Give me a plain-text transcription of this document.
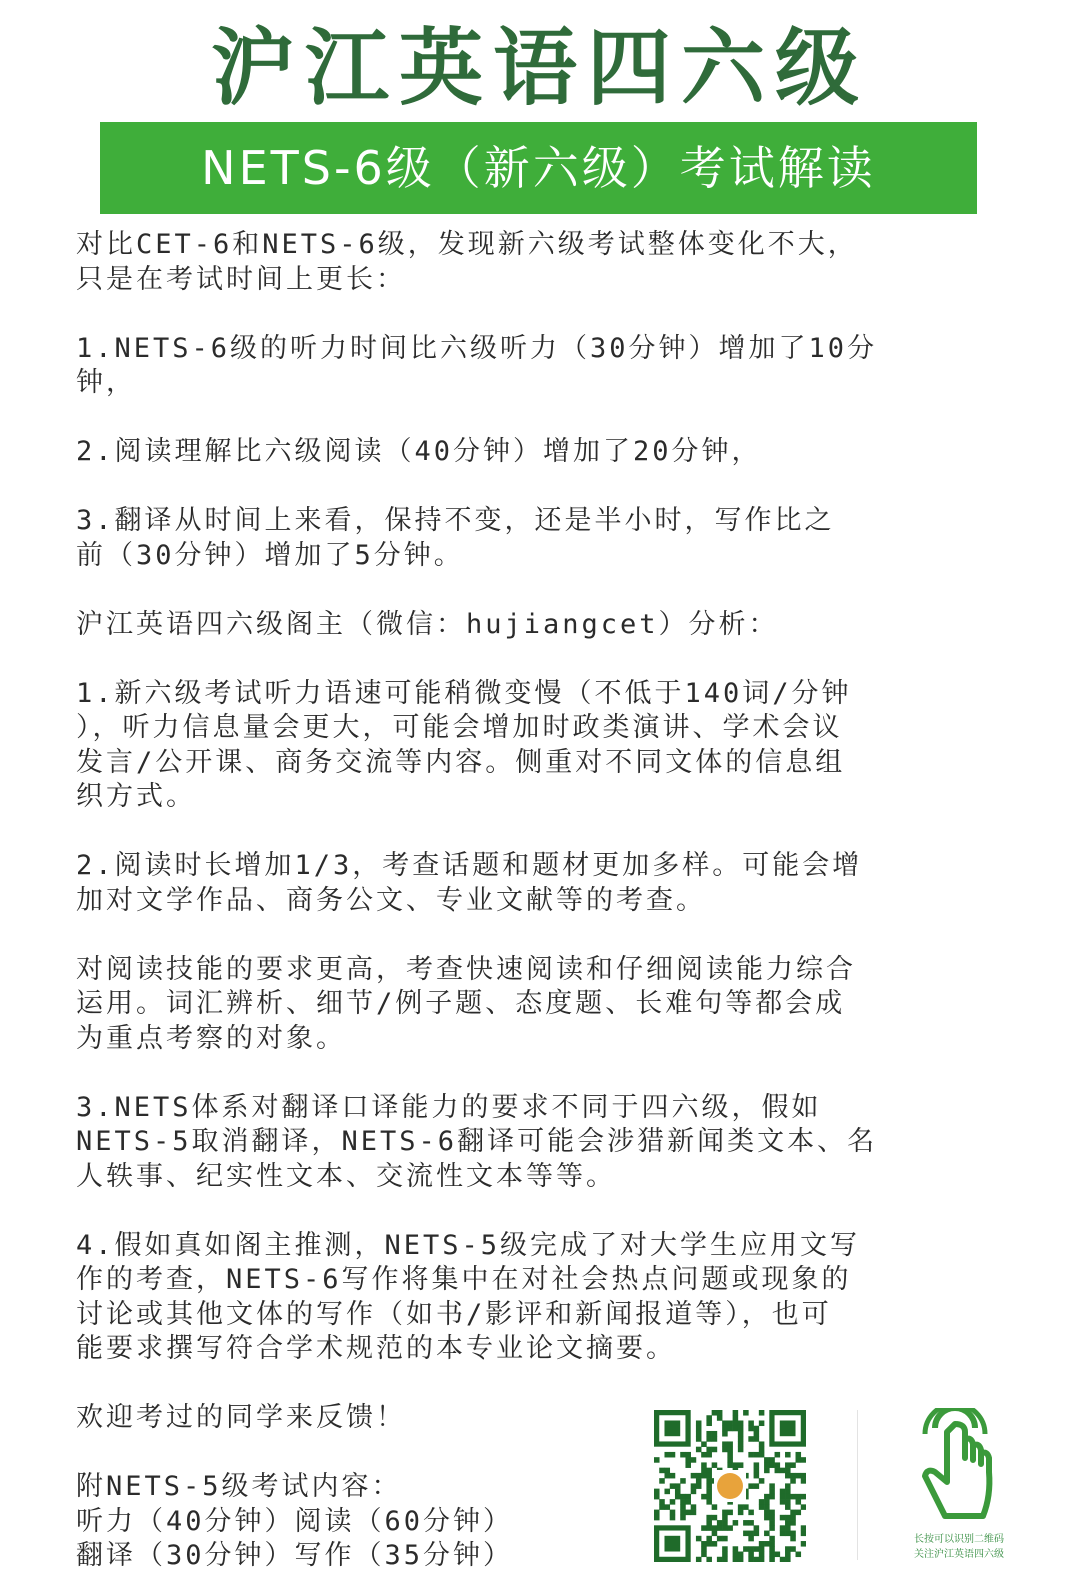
沪江英语四六级
NETS-6级（新六级）考试解读

对比CET-6和NETS-6级，发现新六级考试整体变化不大，
只是在考试时间上更长：

1.NETS-6级的听力时间比六级听力（30分钟）增加了10分
钟，

2.阅读理解比六级阅读（40分钟）增加了20分钟，

3.翻译从时间上来看，保持不变，还是半小时，写作比之
前（30分钟）增加了5分钟。

沪江英语四六级阁主（微信：hujiangcet）分析：

1.新六级考试听力语速可能稍微变慢（不低于140词/分钟
），听力信息量会更大，可能会增加时政类演讲、学术会议
发言/公开课、商务交流等内容。侧重对不同文体的信息组
织方式。

2.阅读时长增加1/3，考查话题和题材更加多样。可能会增
加对文学作品、商务公文、专业文献等的考查。

对阅读技能的要求更高，考查快速阅读和仔细阅读能力综合
运用。词汇辨析、细节/例子题、态度题、长难句等都会成
为重点考察的对象。

3.NETS体系对翻译口译能力的要求不同于四六级，假如
NETS-5取消翻译，NETS-6翻译可能会涉猎新闻类文本、名
人轶事、纪实性文本、交流性文本等等。

4.假如真如阁主推测，NETS-5级完成了对大学生应用文写
作的考查，NETS-6写作将集中在对社会热点问题或现象的
讨论或其他文体的写作（如书/影评和新闻报道等），也可
能要求撰写符合学术规范的本专业论文摘要。

欢迎考过的同学来反馈！

附NETS-5级考试内容：

听力（40分钟）阅读（60分钟）

翻译（30分钟）写作（35分钟）

长按可以识别二维码
关注沪江英语四六级
